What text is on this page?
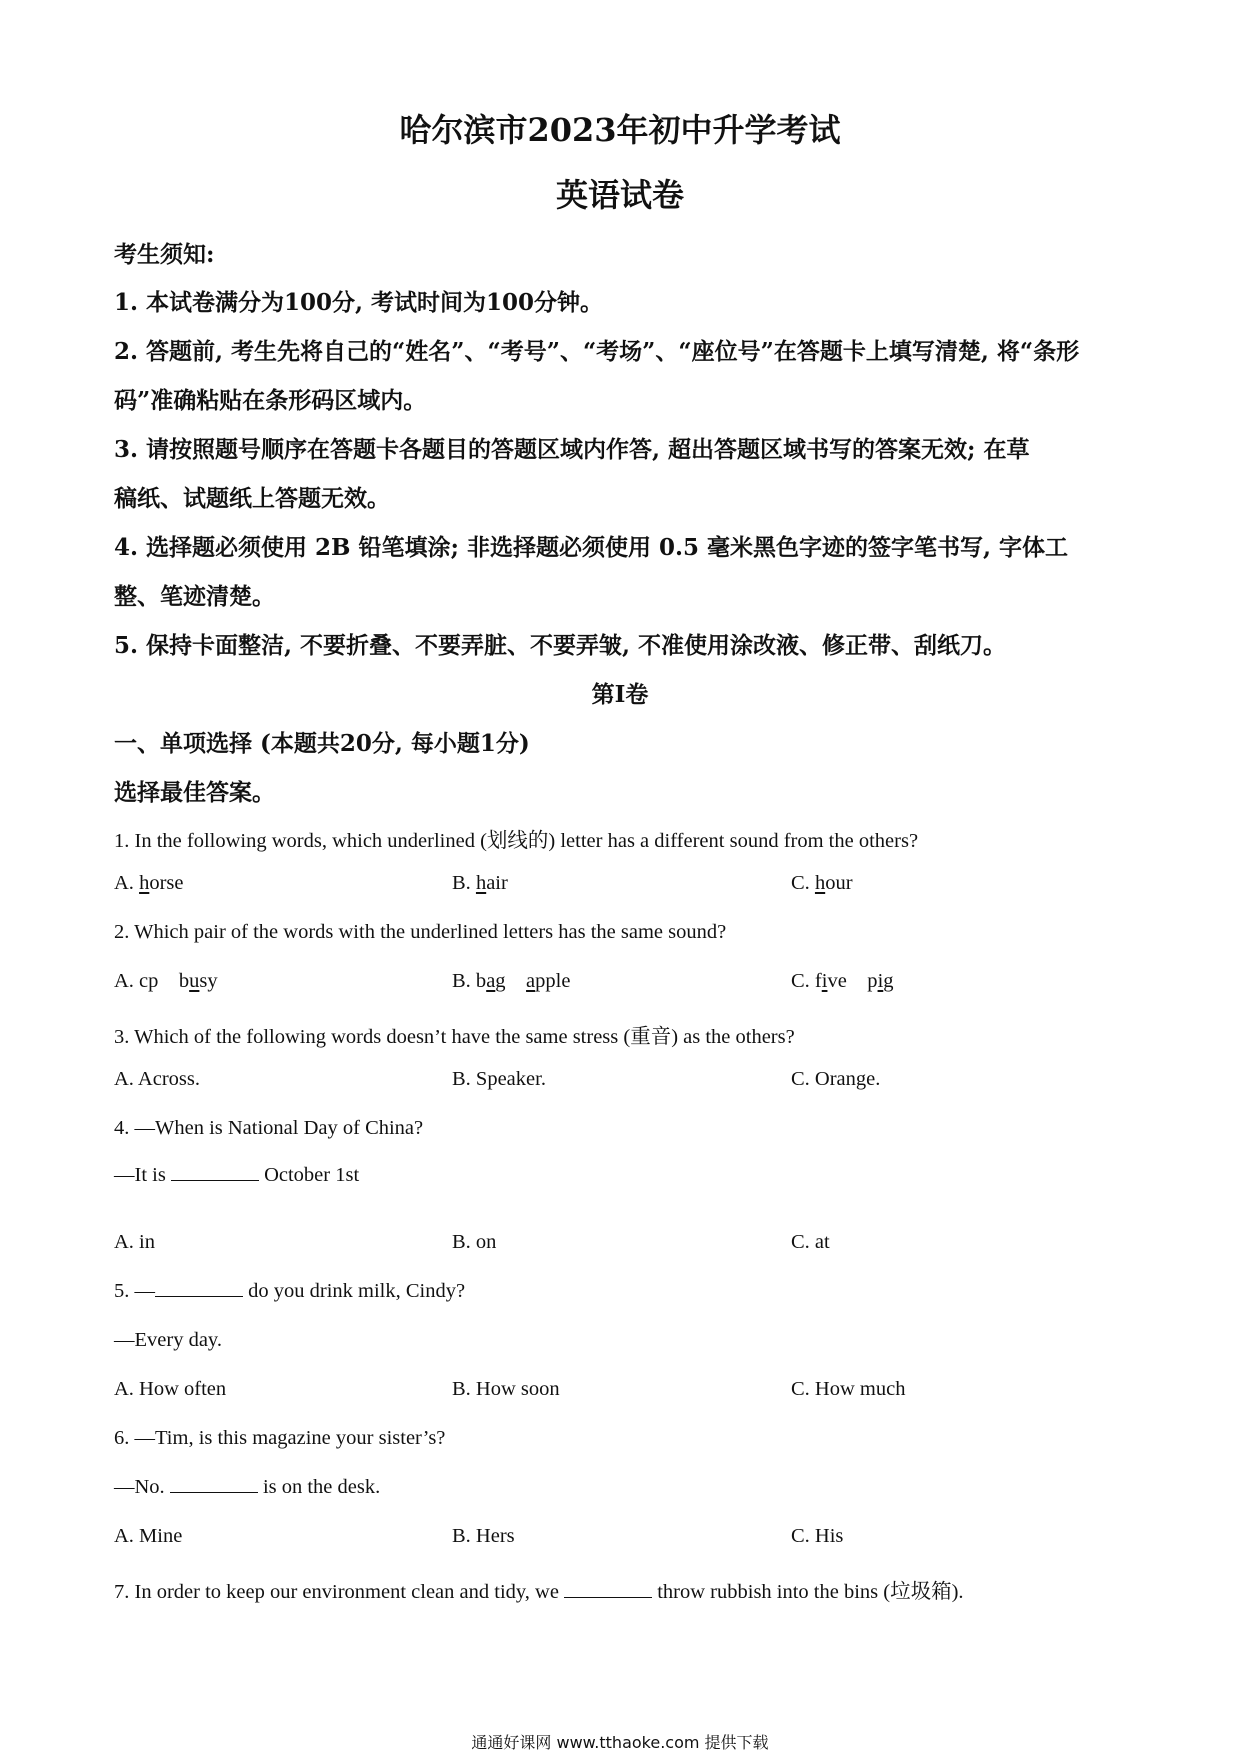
哈尔滨市2023年初中升学考试
英语试卷
考生须知:
1. 本试卷满分为100分, 考试时间为100分钟。
2. 答题前, 考生先将自己的“姓名”、“考号”、“考场”、“座位号”在答题卡上填写清楚, 将“条形
码”准确粘贴在条形码区域内。
3. 请按照题号顺序在答题卡各题目的答题区域内作答, 超出答题区域书写的答案无效; 在草
稿纸、试题纸上答题无效。
4. 选择题必须使用 2B 铅笔填涂; 非选择题必须使用 0.5 毫米黑色字迹的签字笔书写, 字体工
整、笔迹清楚。
5. 保持卡面整洁, 不要折叠、不要弄脏、不要弄皱, 不准使用涂改液、修正带、刮纸刀。
第I卷
一、单项选择 (本题共20分, 每小题1分)
选择最佳答案。
1. In the following words, which underlined (划线的) letter has a different sound from the others?
A. horse	B. hair	C. hour
2. Which pair of the words with the underlined letters has the same sound?
A. cp    busy	B. bag    apple	C. five    pig
3. Which of the following words doesn’t have the same stress (重音) as the others?
A. Across.	B. Speaker.	C. Orange.
4. —When is National Day of China?
—It is	October 1st
A. in	B. on	C. at
5. —	do you drink milk, Cindy?
—Every day.
A. How often	B. How soon	C. How much
6. —Tim, is this magazine your sister’s?
—No.	is on the desk.
A. Mine	B. Hers	C. His
7. In order to keep our environment clean and tidy, we	throw rubbish into the bins (垃圾箱).
通通好课网 www.tthaoke.com 提供下载
